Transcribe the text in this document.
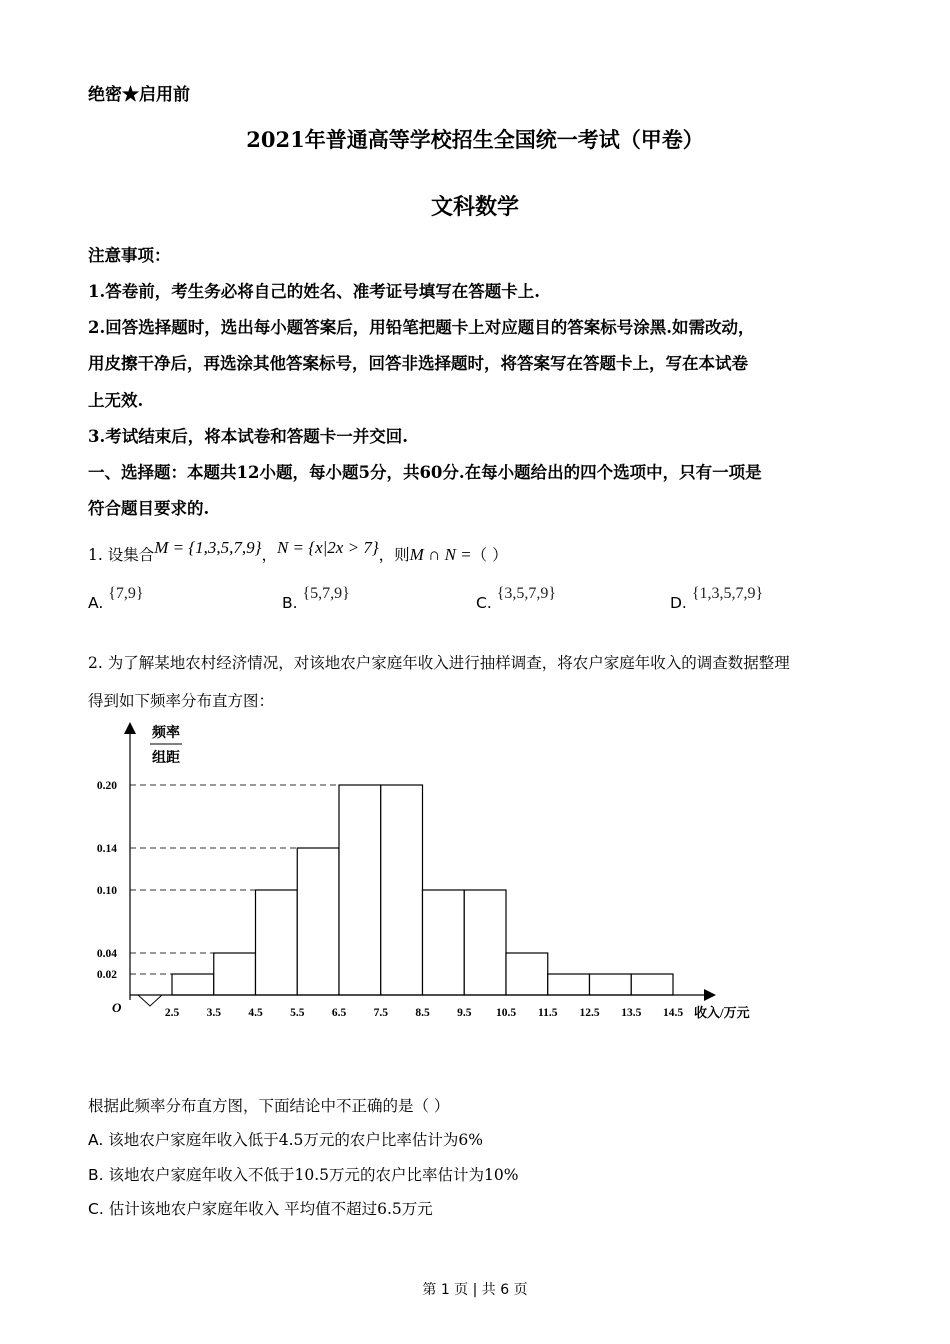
绝密★启用前
2021年普通高等学校招生全国统一考试（甲卷）
文科数学
注意事项：
1.答卷前，考生务必将自己的姓名、准考证号填写在答题卡上.
2.回答选择题时，选出每小题答案后，用铅笔把题卡上对应题目的答案标号涂黑.如需改动，
用皮擦干净后，再选涂其他答案标号，回答非选择题时，将答案写在答题卡上，写在本试卷
上无效.
3.考试结束后，将本试卷和答题卡一并交回.
一、选择题：本题共12小题，每小题5分，共60分.在每小题给出的四个选项中，只有一项是
符合题目要求的.
1. 设集合M = {1,3,5,7,9}，N = {x|2x > 7}，则M ∩ N =（ ）
A. {7,9}
B. {5,7,9}
C. {3,5,7,9}
D. {1,3,5,7,9}
2. 为了解某地农村经济情况，对该地农户家庭年收入进行抽样调查，将农户家庭年收入的调查数据整理
得到如下频率分布直方图：
频率
组距
O	收入/万元
0.20
0.14
0.10
0.04
0.02
2.5 3.5 4.5 5.5 6.5 7.5 8.5 9.5 10.5 11.5 12.5 13.5 14.5
根据此频率分布直方图，下面结论中不正确的是（ ）
A. 该地农户家庭年收入低于4.5万元的农户比率估计为6%
B. 该地农户家庭年收入不低于10.5万元的农户比率估计为10%
C. 估计该地农户家庭年收入 平均值不超过6.5万元
第 1 页 | 共 6 页
